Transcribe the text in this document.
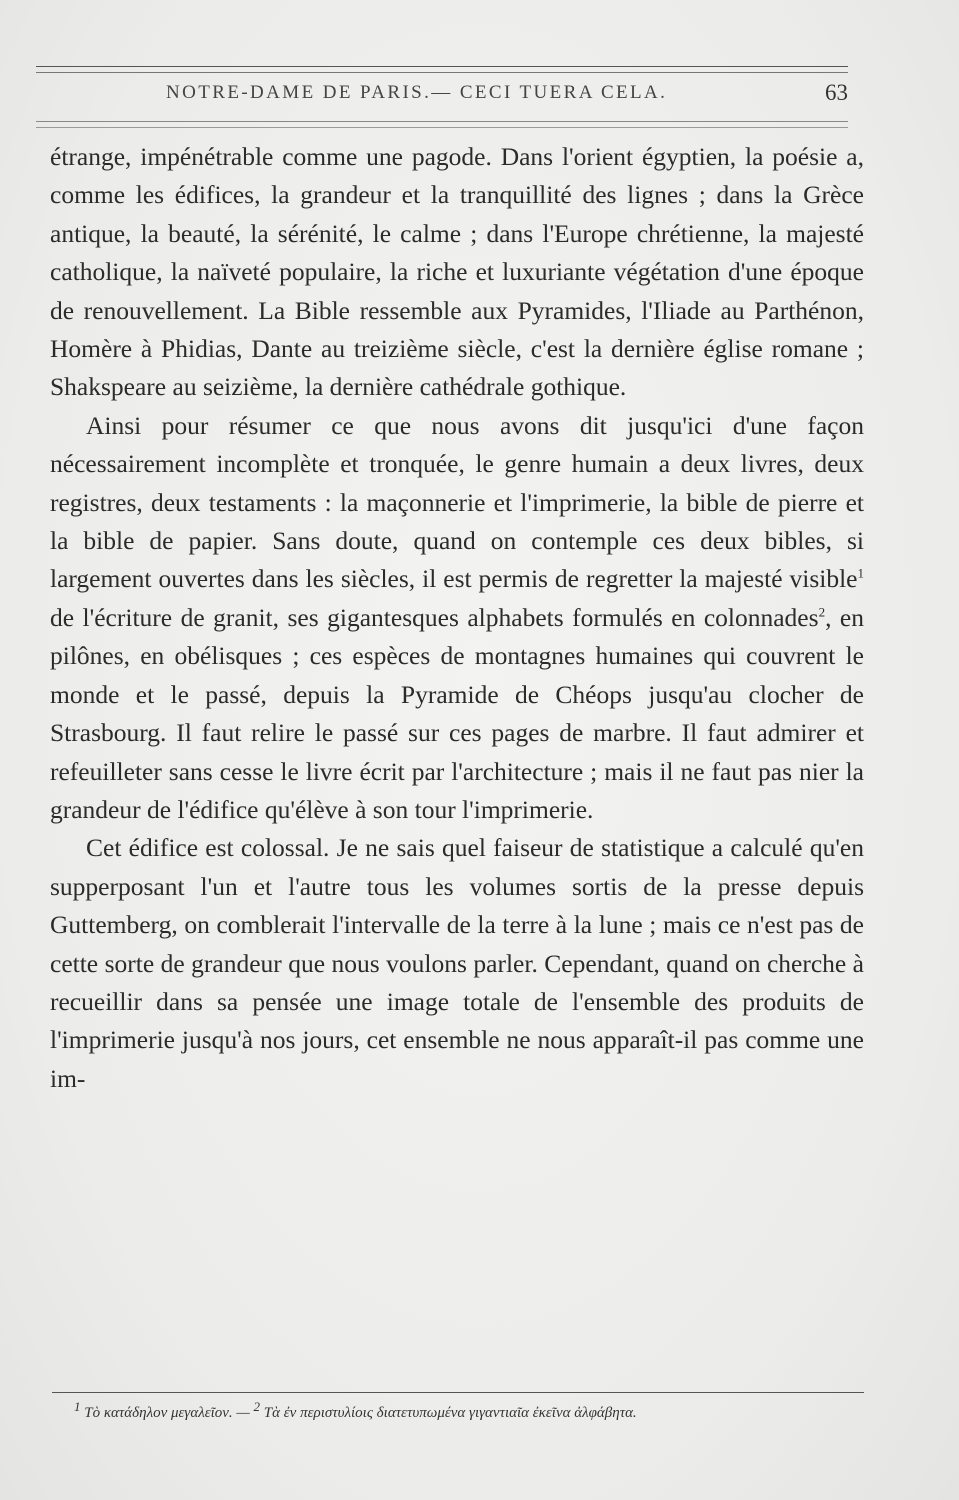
NOTRE-DAME DE PARIS.— CECI TUERA CELA.	63

étrange, impénétrable comme une pagode. Dans l'orient égyptien, la poésie a, comme les édifices, la grandeur et la tranquillité des lignes ; dans la Grèce antique, la beauté, la sérénité, le calme ; dans l'Europe chrétienne, la majesté catholique, la naïveté populaire, la riche et luxuriante végétation d'une époque de renouvellement. La Bible ressemble aux Pyramides, l'Iliade au Parthénon, Homère à Phidias, Dante au treizième siècle, c'est la dernière église romane ; Shakspeare au seizième, la dernière cathédrale gothique.

Ainsi pour résumer ce que nous avons dit jusqu'ici d'une façon nécessairement incomplète et tronquée, le genre humain a deux livres, deux registres, deux testaments : la maçonnerie et l'imprimerie, la bible de pierre et la bible de papier. Sans doute, quand on contemple ces deux bibles, si largement ouvertes dans les siècles, il est permis de regretter la majesté visible$^1$ de l'écriture de granit, ses gigantesques alphabets formulés en colonnades$^2$, en pilônes, en obélisques ; ces espèces de montagnes humaines qui couvrent le monde et le passé, depuis la Pyramide de Chéops jusqu'au clocher de Strasbourg. Il faut relire le passé sur ces pages de marbre. Il faut admirer et refeuilleter sans cesse le livre écrit par l'architecture ; mais il ne faut pas nier la grandeur de l'édifice qu'élève à son tour l'imprimerie.

Cet édifice est colossal. Je ne sais quel faiseur de statistique a calculé qu'en supperposant l'un et l'autre tous les volumes sortis de la presse depuis Guttemberg, on comblerait l'intervalle de la terre à la lune ; mais ce n'est pas de cette sorte de grandeur que nous voulons parler. Cependant, quand on cherche à recueillir dans sa pensée une image totale de l'ensemble des produits de l'imprimerie jusqu'à nos jours, cet ensemble ne nous apparaît-il pas comme une im-

$^1$ Τὸ κατάδηλον μεγαλεῖον. — $^2$ Τὰ ἐν περιστυλίοις διατετυπωμένα γιγαντιαῖα ἐκεῖνα ἀλφάβητα.
